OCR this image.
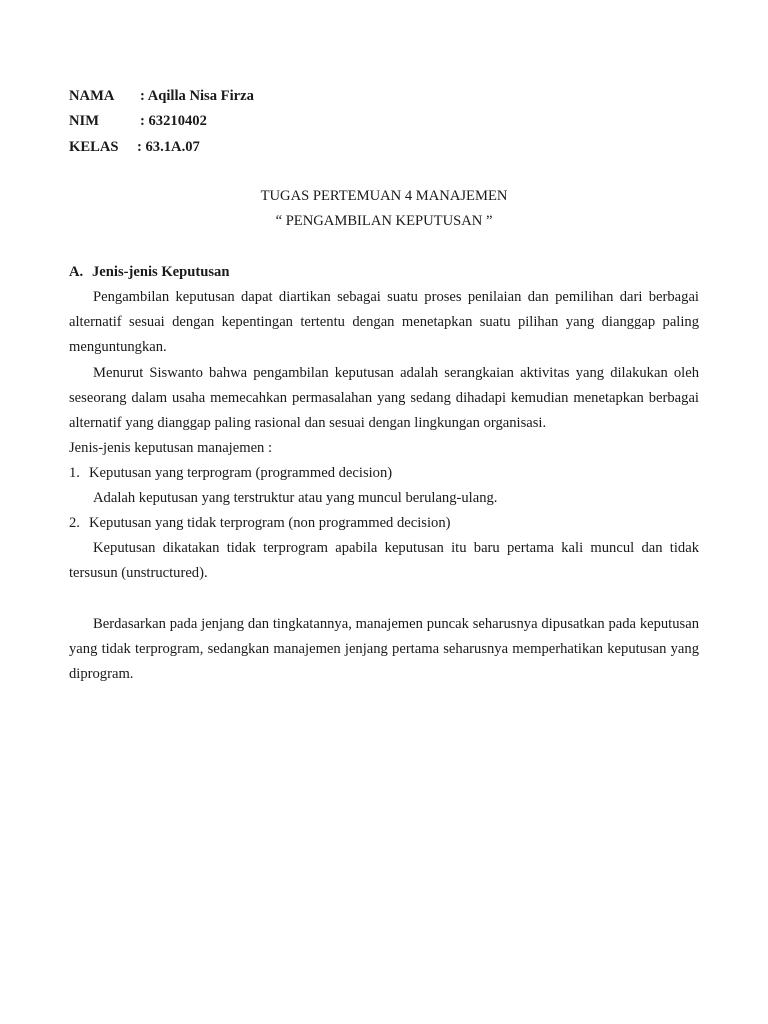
NAMA : Aqilla Nisa Firza
NIM	: 63210402
KELAS : 63.1A.07
TUGAS PERTEMUAN 4 MANAJEMEN
“ PENGAMBILAN KEPUTUSAN ”
A. Jenis-jenis Keputusan

Pengambilan keputusan dapat diartikan sebagai suatu proses penilaian dan pemilihan dari berbagai alternatif sesuai dengan kepentingan tertentu dengan menetapkan suatu pilihan yang dianggap paling menguntungkan.

Menurut Siswanto bahwa pengambilan keputusan adalah serangkaian aktivitas yang dilakukan oleh seseorang dalam usaha memecahkan permasalahan yang sedang dihadapi kemudian menetapkan berbagai alternatif yang dianggap paling rasional dan sesuai dengan lingkungan organisasi.

Jenis-jenis keputusan manajemen :
1. Keputusan yang terprogram (programmed decision)

Adalah keputusan yang terstruktur atau yang muncul berulang-ulang.

2. Keputusan yang tidak terprogram (non programmed decision)

Keputusan dikatakan tidak terprogram apabila keputusan itu baru pertama kali muncul dan tidak tersusun (unstructured).

Berdasarkan pada jenjang dan tingkatannya, manajemen puncak seharusnya dipusatkan pada keputusan yang tidak terprogram, sedangkan manajemen jenjang pertama seharusnya memperhatikan keputusan yang diprogram.
